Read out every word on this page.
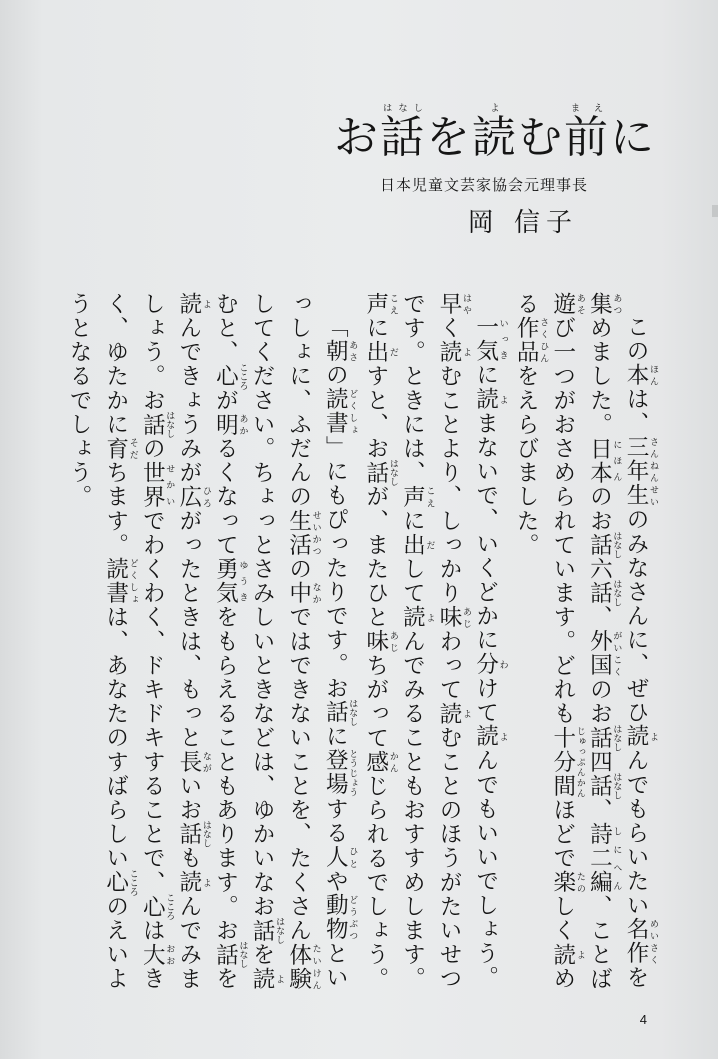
お話はなしを読よむ前まえに
日本児童文芸家協会元理事長
岡 信子

この本 ほんは、三年生 さんねんせいのみなさんに、ぜひ読 よんでもらいたい名作 めいさくを集 あつめました。日本 にほんのお話 はなし六話 はなし、外国 がいこくのお話 はなし四話 はなし、詩二編 しにへん、ことば遊 あそび一つがおさめられています。どれも十分間 じゅっぷんかんほどで楽 たのしく読 よめる作品 さくひんをえらびました。

一気 いっきに読 よまないで、いくどかに分 わけて読 よんでもいいでしょう。早 はやく読 よむことより、しっかり味 あじわって読 よむことのほうがたいせつです。ときには、声 こえに出 だして読 よんでみることもおすすめします。声 こえに出 だすと、お話 はなしが、またひと味 あじちがって感 かんじられるでしょう。

「朝 あさの読書 どくしょ」にもぴったりです。お話 はなしに登場 とうじょうする人 ひとや動物 どうぶつといっしょに、ふだんの生活 せいかつの中 なかではできないことを、たくさん体験 たいけんしてください。ちょっとさみしいときなどは、ゆかいなお話 はなしを読 よむと、心 こころが明 あかるくなって勇気 ゆうきをもらえることもあります。お話 はなしを読 よんできょうみが広 ひろがったときは、もっと長 ながいお話 はなしも読 よんでみましょう。お話 はなしの世界 せかいでわくわく、ドキドキすることで、心 こころは大 おおきく、ゆたかに育 そだちます。読書 どくしょは、あなたのすばらしい心 こころのえいようとなるでしょう。

4
